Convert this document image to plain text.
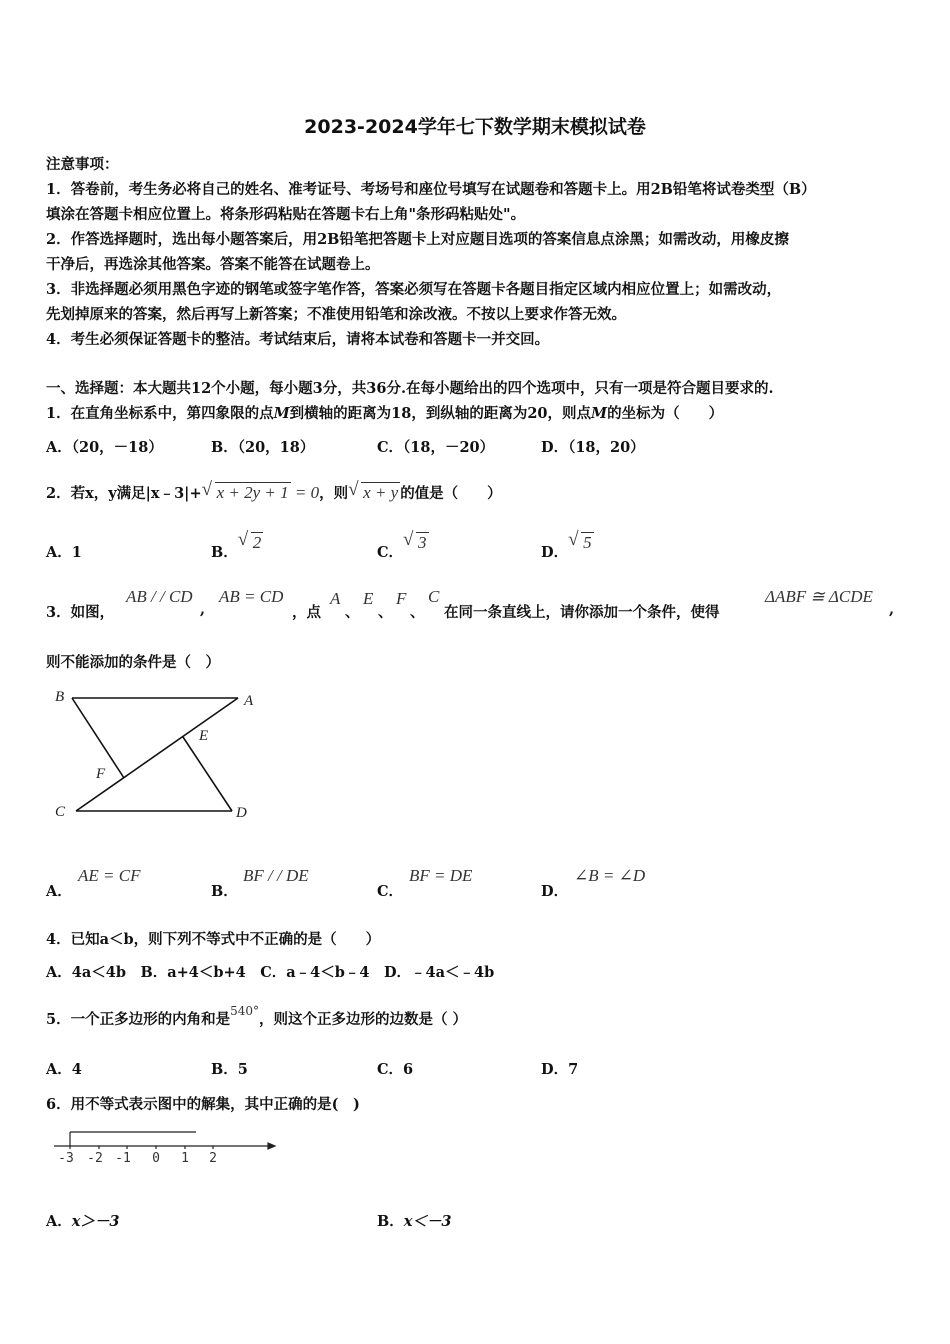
2023-2024学年七下数学期末模拟试卷
注意事项：
1．答卷前，考生务必将自己的姓名、准考证号、考场号和座位号填写在试题卷和答题卡上。用2B铅笔将试卷类型（B）
填涂在答题卡相应位置上。将条形码粘贴在答题卡右上角"条形码粘贴处"。
2．作答选择题时，选出每小题答案后，用2B铅笔把答题卡上对应题目选项的答案信息点涂黑；如需改动，用橡皮擦
干净后，再选涂其他答案。答案不能答在试题卷上。
3．非选择题必须用黑色字迹的钢笔或签字笔作答，答案必须写在答题卡各题目指定区域内相应位置上；如需改动，
先划掉原来的答案，然后再写上新答案；不准使用铅笔和涂改液。不按以上要求作答无效。
4．考生必须保证答题卡的整洁。考试结束后，请将本试卷和答题卡一并交回。
一、选择题：本大题共12个小题，每小题3分，共36分.在每小题给出的四个选项中，只有一项是符合题目要求的.
1．在直角坐标系中，第四象限的点M到横轴的距离为18，到纵轴的距离为20，则点M的坐标为（　　）
A．（20，－18）	B．（20，18）	C．（18，－20）	D．（18，20）
2．若x，y满足|x﹣3|+ √ x + 2y + 1 = 0，则 √ x + y 的值是（　　）
A．1	B．
√ 2
C．
√ 3
D．
√ 5
3．如图，
AB / / CD
,
AB = CD
，点
A
、
E
、
F
、
C
在同一条直线上，请你添加一个条件，使得
ΔABF ≅ ΔCDE
,
则不能添加的条件是（　）
B	A
E
F
C	D
A．
AE = CF
B．
BF / / DE
C．
BF = DE
D．
∠B = ∠D
4．已知a＜b，则下列不等式中不正确的是（　　）
A．4a＜4b　B．a+4＜b+4　C．a﹣4＜b﹣4　D．﹣4a＜﹣4b
5．一个正多边形的内角和是$^{540^\circ}$，则这个正多边形的边数是（ ）
A．4	B．5	C．6	D．7
6．用不等式表示图中的解集，其中正确的是(　)
-3 -2 -1 0 1 2
A．x＞－3	B．x＜－3
